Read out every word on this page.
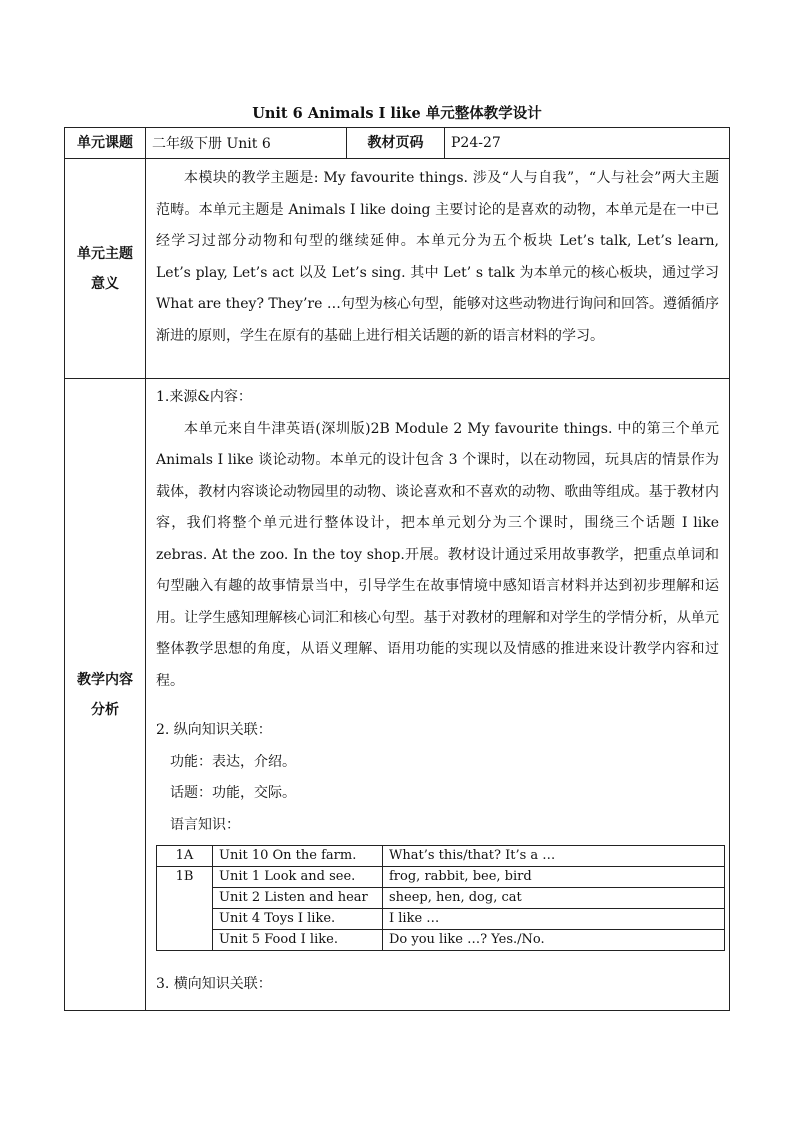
Unit 6 Animals I like 单元整体教学设计
单元课题	二年级下册 Unit 6	教材页码	P24-27

单元主题
意义

本模块的教学主题是: My favourite things. 涉及“人与自我”，“人与社会”两大主题范畴。本单元主题是 Animals I like doing 主要讨论的是喜欢的动物，本单元是在一中已经学习过部分动物和句型的继续延伸。本单元分为五个板块 Let’s talk, Let’s learn, Let’s play, Let’s act 以及 Let’s sing. 其中 Let’ s talk 为本单元的核心板块，通过学习 What are they? They’re …句型为核心句型，能够对这些动物进行询问和回答。遵循循序渐进的原则，学生在原有的基础上进行相关话题的新的语言材料的学习。

教学内容
分析

1.来源&内容：

本单元来自牛津英语(深圳版)2B Module 2 My favourite things. 中的第三个单元 Animals I like 谈论动物。本单元的设计包含 3 个课时，以在动物园，玩具店的情景作为载体，教材内容谈论动物园里的动物、谈论喜欢和不喜欢的动物、歌曲等组成。基于教材内容，我们将整个单元进行整体设计，把本单元划分为三个课时，围绕三个话题 I like zebras. At the zoo. In the toy shop.开展。教材设计通过采用故事教学，把重点单词和句型融入有趣的故事情景当中，引导学生在故事情境中感知语言材料并达到初步理解和运用。让学生感知理解核心词汇和核心句型。基于对教材的理解和对学生的学情分析，从单元整体教学思想的角度，从语义理解、语用功能的实现以及情感的推进来设计教学内容和过程。

2. 纵向知识关联：

功能：表达，介绍。

话题：功能，交际。

语言知识：

1A	Unit 10 On the farm.	What’s this/that? It’s a …
1B	Unit 1 Look and see.	frog, rabbit, bee, bird
Unit 2 Listen and hear	sheep, hen, dog, cat
Unit 4 Toys I like.	I like …
Unit 5 Food I like.	Do you like …? Yes./No.

3. 横向知识关联：
